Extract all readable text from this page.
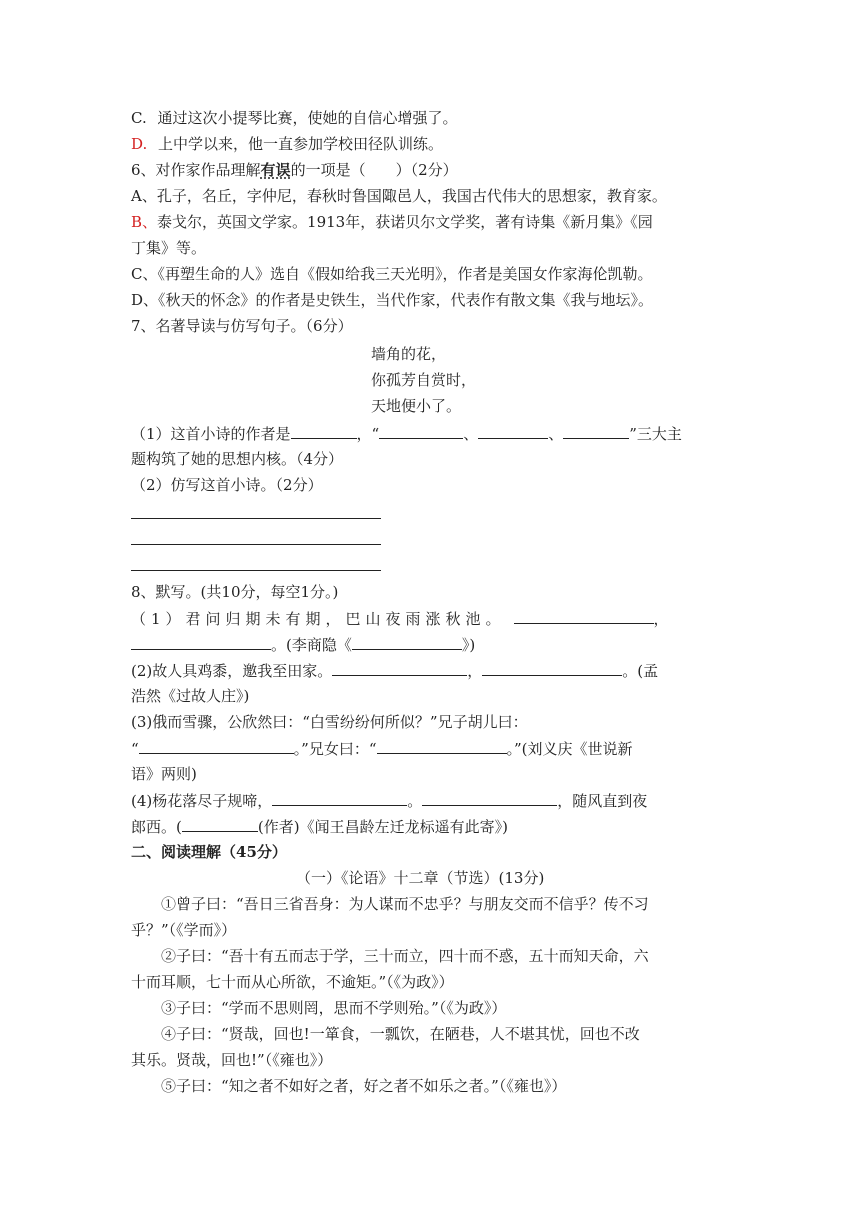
C. 通过这次小提琴比赛，使她的自信心增强了。
D. 上中学以来，他一直参加学校田径队训练。
6、对作家作品理解有误的一项是（　　）（2分）
A、孔子，名丘，字仲尼，春秋时鲁国陬邑人，我国古代伟大的思想家，教育家。
B、泰戈尔，英国文学家。1913年，获诺贝尔文学奖，著有诗集《新月集》《园
丁集》等。
C、《再塑生命的人》选自《假如给我三天光明》，作者是美国女作家海伦凯勒。
D、《秋天的怀念》的作者是史铁生，当代作家，代表作有散文集《我与地坛》。
7、名著导读与仿写句子。（6分）
墙角的花，
你孤芳自赏时，
天地便小了。
（1）这首小诗的作者是	，“	、	、	”三大主
题构筑了她的思想内核。（4分）
（2）仿写这首小诗。（2分）
8、默写。(共10分，每空1分。)
（1）君问归期未有期，巴山夜雨涨秋池。	，
。(李商隐《	》)
(2)故人具鸡黍，邀我至田家。	，	。(孟
浩然《过故人庄》)
(3)俄而雪骤，公欣然曰：“白雪纷纷何所似？”兄子胡儿曰：
“	。”兄女曰：“	。”(刘义庆《世说新
语》两则)
(4)杨花落尽子规啼，	。	，随风直到夜
郎西。(	(作者)《闻王昌龄左迁龙标遥有此寄》)
二、阅读理解（45分）
（一）《论语》十二章（节选）(13分)
①曾子曰：“吾日三省吾身：为人谋而不忠乎？与朋友交而不信乎？传不习
乎？”（《学而》）
②子曰：“吾十有五而志于学，三十而立，四十而不惑，五十而知天命，六
十而耳顺，七十而从心所欲，不逾矩。”（《为政》）
③子曰：“学而不思则罔，思而不学则殆。”（《为政》）
④子曰：“贤哉，回也!一箪食，一瓢饮，在陋巷，人不堪其忧，回也不改
其乐。贤哉，回也!”（《雍也》）
⑤子曰：“知之者不如好之者，好之者不如乐之者。”（《雍也》）
